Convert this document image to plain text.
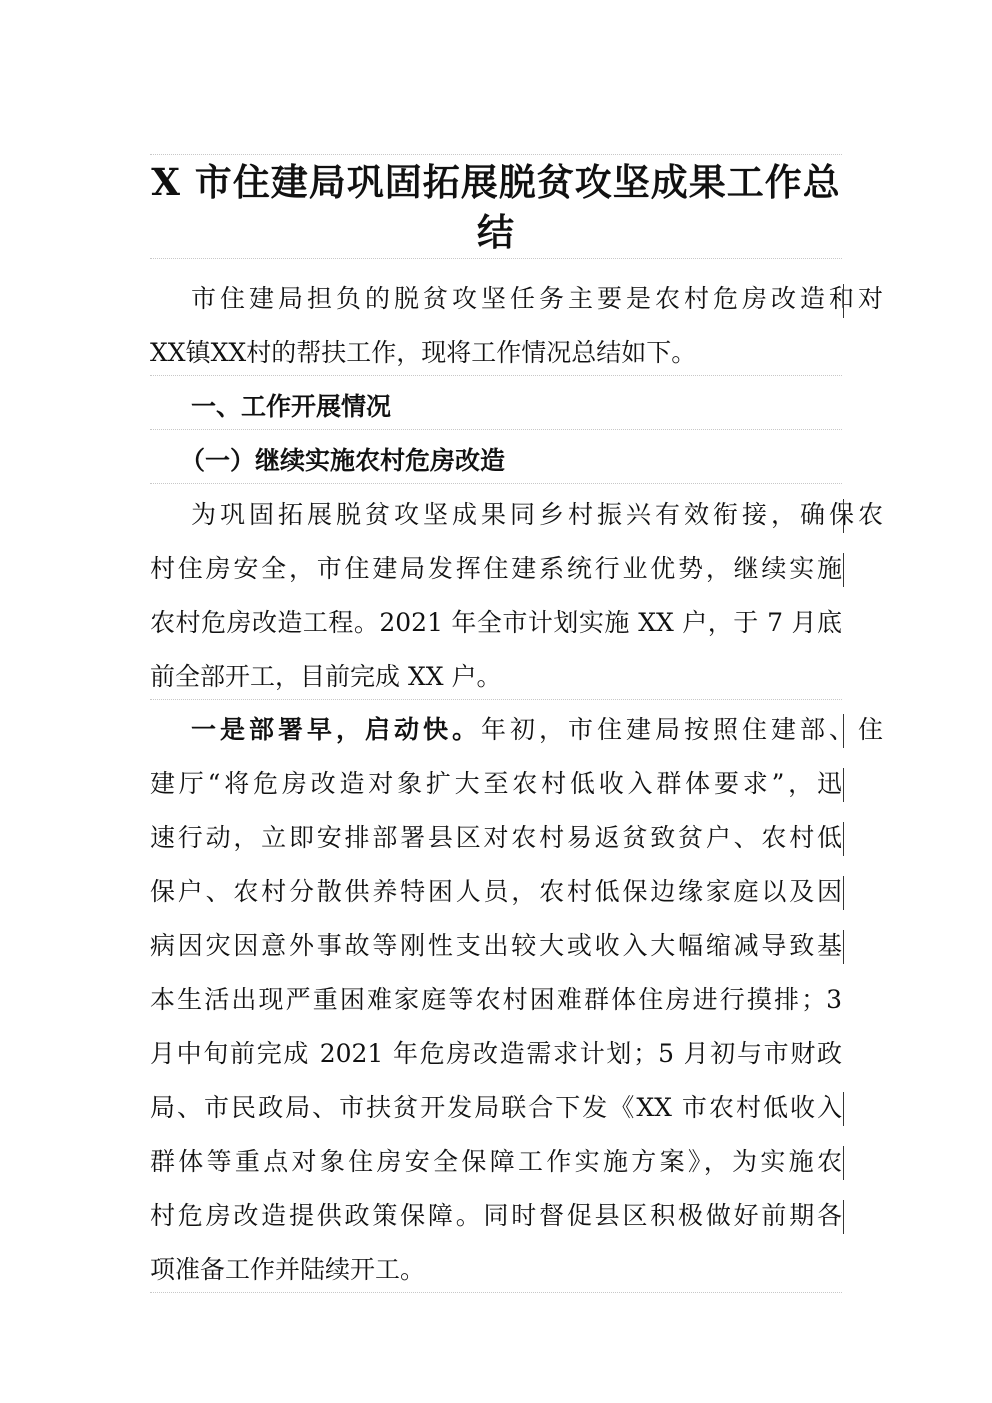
X 市住建局巩固拓展脱贫攻坚成果工作总
结
市住建局担负的脱贫攻坚任务主要是农村危房改造和对
XX镇XX村的帮扶工作，现将工作情况总结如下。
一、工作开展情况
（一）继续实施农村危房改造
为巩固拓展脱贫攻坚成果同乡村振兴有效衔接，确保农
村住房安全，市住建局发挥住建系统行业优势，继续实施
农村危房改造工程。2021 年全市计划实施 XX 户，于 7 月底
前全部开工，目前完成 XX 户。
一是部署早，启动快。年初，市住建局按照住建部、住
建厅“将危房改造对象扩大至农村低收入群体要求”，迅
速行动，立即安排部署县区对农村易返贫致贫户、农村低
保户、农村分散供养特困人员，农村低保边缘家庭以及因
病因灾因意外事故等刚性支出较大或收入大幅缩减导致基
本生活出现严重困难家庭等农村困难群体住房进行摸排；3
月中旬前完成 2021 年危房改造需求计划；5 月初与市财政
局、市民政局、市扶贫开发局联合下发《XX 市农村低收入
群体等重点对象住房安全保障工作实施方案》，为实施农
村危房改造提供政策保障。同时督促县区积极做好前期各
项准备工作并陆续开工。
